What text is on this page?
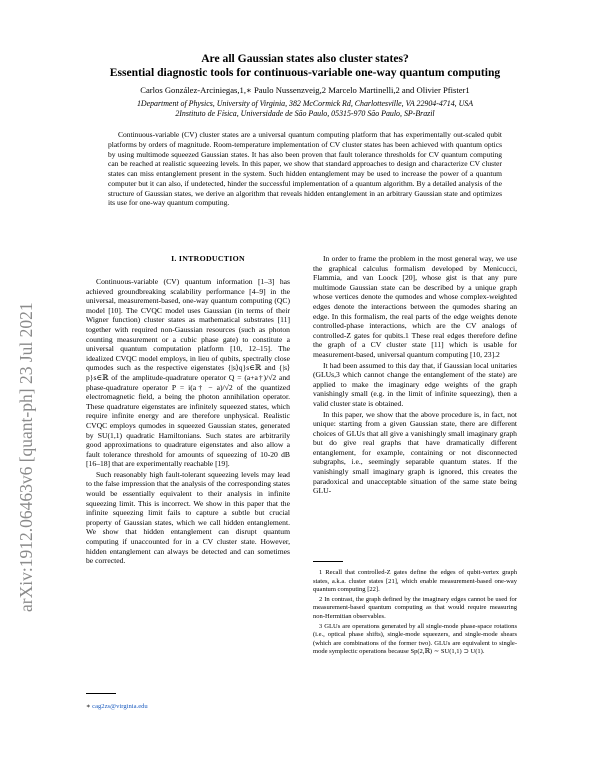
arXiv:1912.06463v6 [quant-ph] 23 Jul 2021
Are all Gaussian states also cluster states?
Essential diagnostic tools for continuous-variable one-way quantum computing
Carlos González-Arciniegas,1,∗ Paulo Nussenzveig,2 Marcelo Martinelli,2 and Olivier Pfister1
1Department of Physics, University of Virginia, 382 McCormick Rd, Charlottesville, VA 22904-4714, USA
2Instituto de Física, Universidade de São Paulo, 05315-970 São Paulo, SP-Brazil

Continuous-variable (CV) cluster states are a universal quantum computing platform that has experimentally out-scaled qubit platforms by orders of magnitude. Room-temperature implementation of CV cluster states has been achieved with quantum optics by using multimode squeezed Gaussian states. It has also been proven that fault tolerance thresholds for CV quantum computing can be reached at realistic squeezing levels. In this paper, we show that standard approaches to design and characterize CV cluster states can miss entanglement present in the system. Such hidden entanglement may be used to increase the power of a quantum computer but it can also, if undetected, hinder the successful implementation of a quantum algorithm. By a detailed analysis of the structure of Gaussian states, we derive an algorithm that reveals hidden entanglement in an arbitrary Gaussian state and optimizes its use for one-way quantum computing.

I. INTRODUCTION

Continuous-variable (CV) quantum information [1–3] has achieved groundbreaking scalability performance [4–9] in the universal, measurement-based, one-way quantum computing (QC) model [10]. The CVQC model uses Gaussian (in terms of their Wigner function) cluster states as mathematical substrates [11] together with required non-Gaussian resources (such as photon counting measurement or a cubic phase gate) to constitute a universal quantum computation platform [10, 12–15]. The idealized CVQC model employs, in lieu of qubits, spectrally close qumodes such as the respective eigenstates {|s⟩q}s∈ℝ and {|s⟩p}s∈ℝ of the amplitude-quadrature operator Q = (a+a†)/√2 and phase-quadrature operator P = i(a† − a)/√2 of the quantized electromagnetic field, a being the photon annihilation operator. These quadrature eigenstates are infinitely squeezed states, which require infinite energy and are therefore unphysical. Realistic CVQC employs qumodes in squeezed Gaussian states, generated by SU(1,1) quadratic Hamiltonians. Such states are arbitrarily good approximations to quadrature eigenstates and also allow a fault tolerance threshold for amounts of squeezing of 10-20 dB [16–18] that are experimentally reachable [19].

Such reasonably high fault-tolerant squeezing levels may lead to the false impression that the analysis of the corresponding states would be essentially equivalent to their analysis in infinite squeezing limit. This is incorrect. We show in this paper that the infinite squeezing limit fails to capture a subtle but crucial property of Gaussian states, which we call hidden entanglement. We show that hidden entanglement can disrupt quantum computing if unaccounted for in a CV cluster state. However, hidden entanglement can always be detected and can sometimes be corrected.

∗ cag2zs@virginia.edu

In order to frame the problem in the most general way, we use the graphical calculus formalism developed by Menicucci, Flammia, and van Loock [20], whose gist is that any pure multimode Gaussian state can be described by a unique graph whose vertices denote the qumodes and whose complex-weighted edges denote the interactions between the qumodes sharing an edge. In this formalism, the real parts of the edge weights denote controlled-phase interactions, which are the CV analogs of controlled-Z gates for qubits.1 These real edges therefore define the graph of a CV cluster state [11] which is usable for measurement-based, universal quantum computing [10, 23].2

It had been assumed to this day that, if Gaussian local unitaries (GLUs,3 which cannot change the entanglement of the state) are applied to make the imaginary edge weights of the graph vanishingly small (e.g. in the limit of infinite squeezing), then a valid cluster state is obtained.

In this paper, we show that the above procedure is, in fact, not unique: starting from a given Gaussian state, there are different choices of GLUs that all give a vanishingly small imaginary graph but do give real graphs that have dramatically different entanglement, for example, containing or not disconnected subgraphs, i.e., seemingly separable quantum states. If the vanishingly small imaginary graph is ignored, this creates the paradoxical and unacceptable situation of the same state being GLU-

1 Recall that controlled-Z gates define the edges of qubit-vertex graph states, a.k.a. cluster states [21], which enable measurement-based one-way quantum computing [22].

2 In contrast, the graph defined by the imaginary edges cannot be used for measurement-based quantum computing as that would require measuring non-Hermitian observables.

3 GLUs are operations generated by all single-mode phase-space rotations (i.e., optical phase shifts), single-mode squeezers, and single-mode shears (which are combinations of the former two). GLUs are equivalent to single-mode symplectic operations because Sp(2,ℝ) ∼ SU(1,1) ⊃ U(1).
